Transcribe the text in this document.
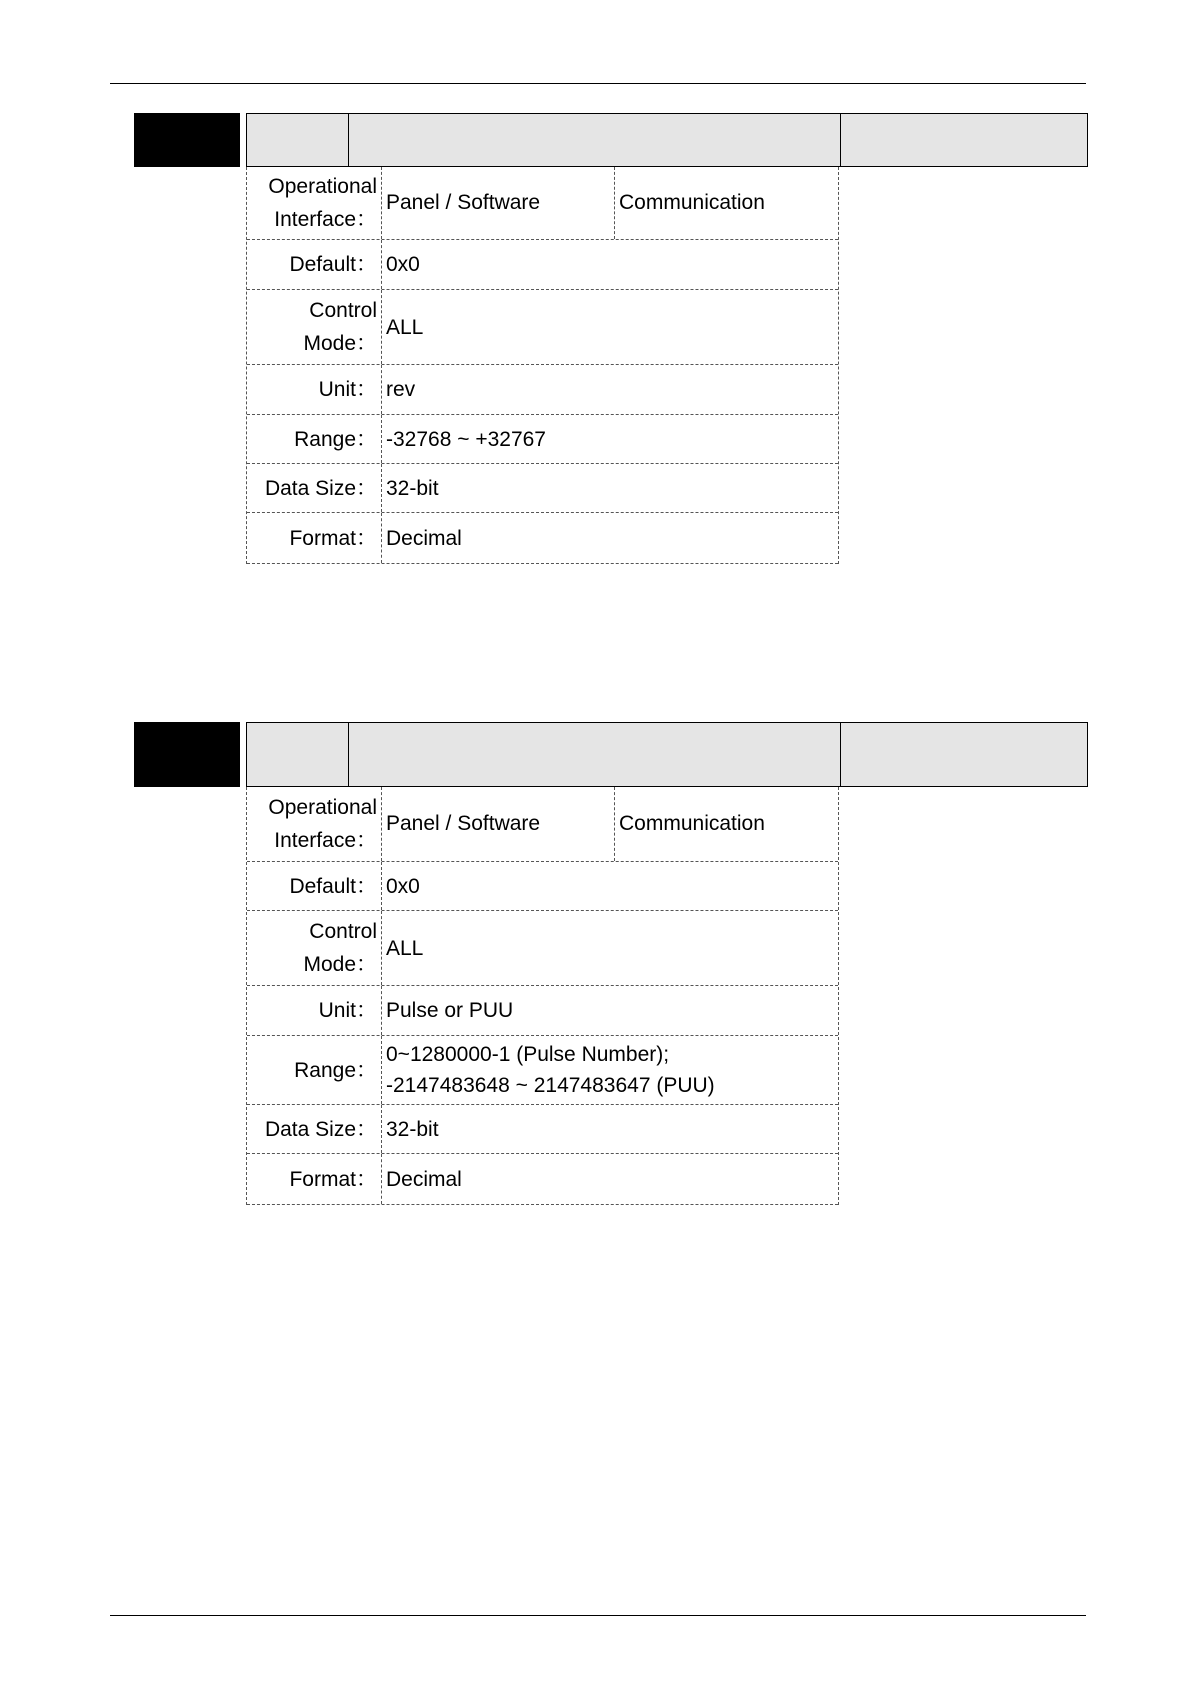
Operational
Interface：
Panel / Software	Communication
Default： 0x0
Control
Mode：
ALL
Unit： rev
Range： -32768 ~ +32767
Data Size： 32-bit
Format： Decimal
Operational
Interface：
Panel / Software	Communication
Default： 0x0
Control
Mode：
ALL
Unit： Pulse or PUU
Range：
0~1280000-1 (Pulse Number);
-2147483648 ~ 2147483647 (PUU)
Data Size： 32-bit
Format： Decimal
